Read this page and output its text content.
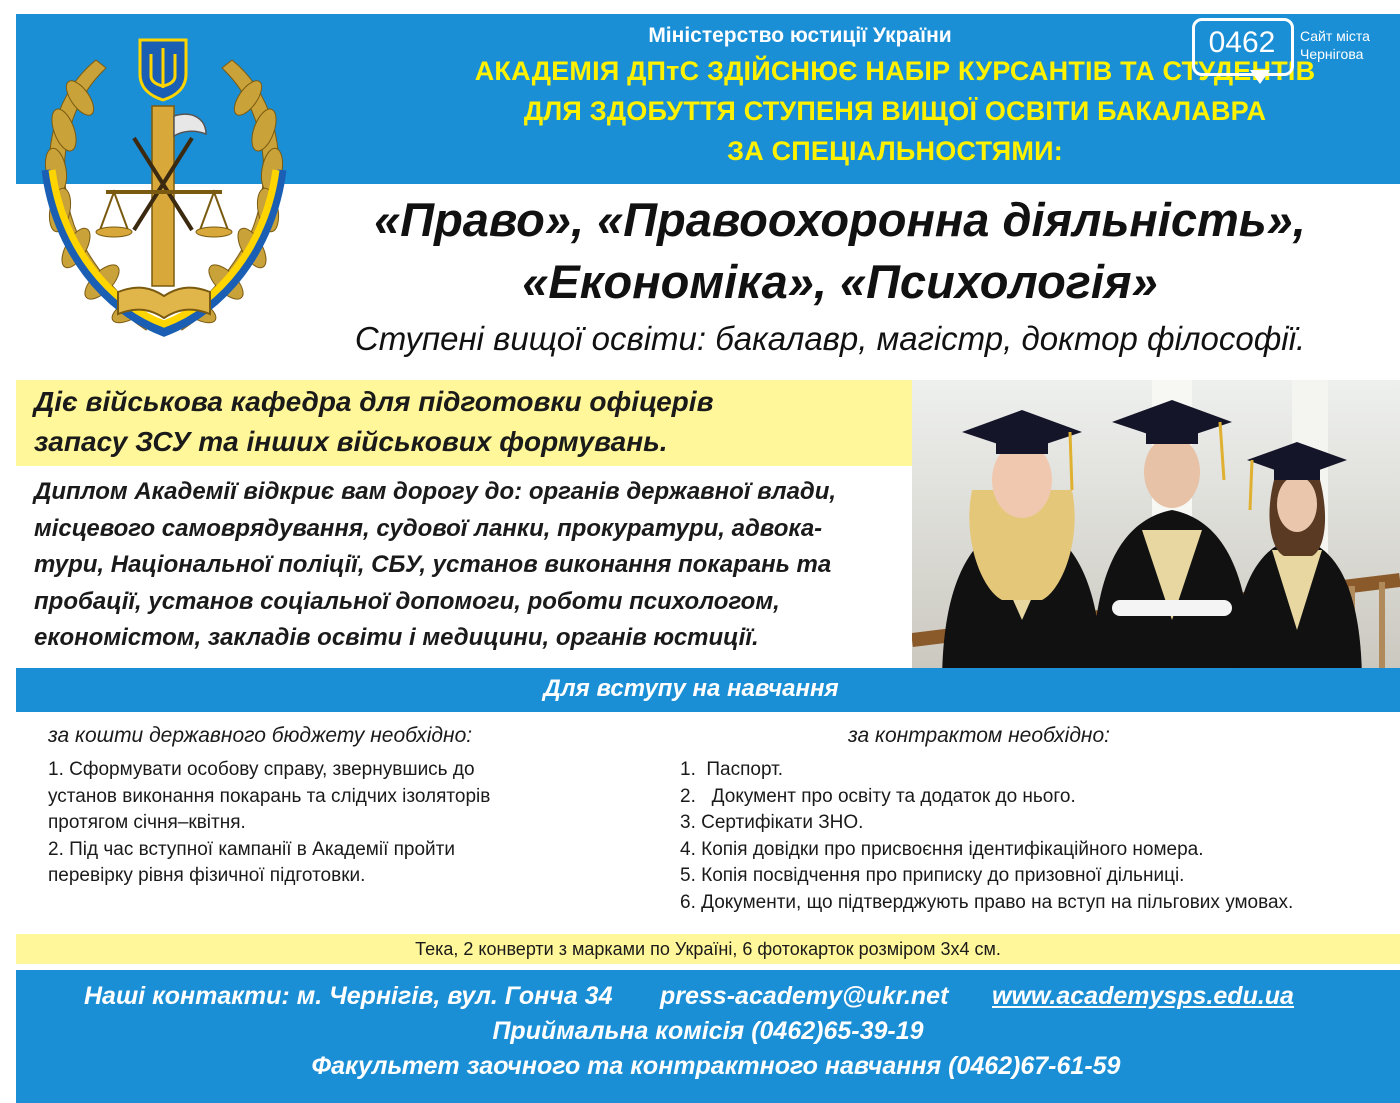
Міністерство юстиції України
АКАДЕМІЯ ДПтС ЗДІЙСНЮЄ НАБІР КУРСАНТІВ ТА СТУДЕНТІВ
ДЛЯ ЗДОБУТТЯ СТУПЕНЯ ВИЩОЇ ОСВІТИ БАКАЛАВРА
ЗА СПЕЦІАЛЬНОСТЯМИ:
0462	Сайт міста
Чернігова
«Право», «Правоохоронна діяльність»,
«Економіка», «Психологія»
Ступені вищої освіти: бакалавр, магістр, доктор філософії.
Діє військова кафедра для підготовки офіцерів
запасу ЗСУ та інших військових формувань.
Диплом Академії відкриє вам дорогу до: органів державної влади,
місцевого самоврядування, судової ланки, прокуратури, адвока-
тури, Національної поліції, СБУ, установ виконання покарань та
пробації, установ соціальної допомоги, роботи психологом,
економістом, закладів освіти і медицини, органів юстиції.
Для вступу на навчання
за кошти державного бюджету необхідно:	за контрактом необхідно:
1. Сформувати особову справу, звернувшись до
установ виконання покарань та слідчих ізоляторів
протягом січня–квітня.
2. Під час вступної кампанії в Академії пройти
перевірку рівня фізичної підготовки.
1.  Паспорт.
2.   Документ про освіту та додаток до нього.
3. Сертифікати ЗНО.
4. Копія довідки про присвоєння ідентифікаційного номера.
5. Копія посвідчення про приписку до призовної дільниці.
6. Документи, що підтверджують право на вступ на пільгових умовах.
Тека, 2 конверти з марками по Україні, 6 фотокарток розміром 3х4 см.
Наші контакти: м. Чернігів, вул. Гонча 34 press-academy@ukr.net www.academysps.edu.ua
Приймальна комісія (0462)65-39-19
Факультет заочного та контрактного навчання (0462)67-61-59
